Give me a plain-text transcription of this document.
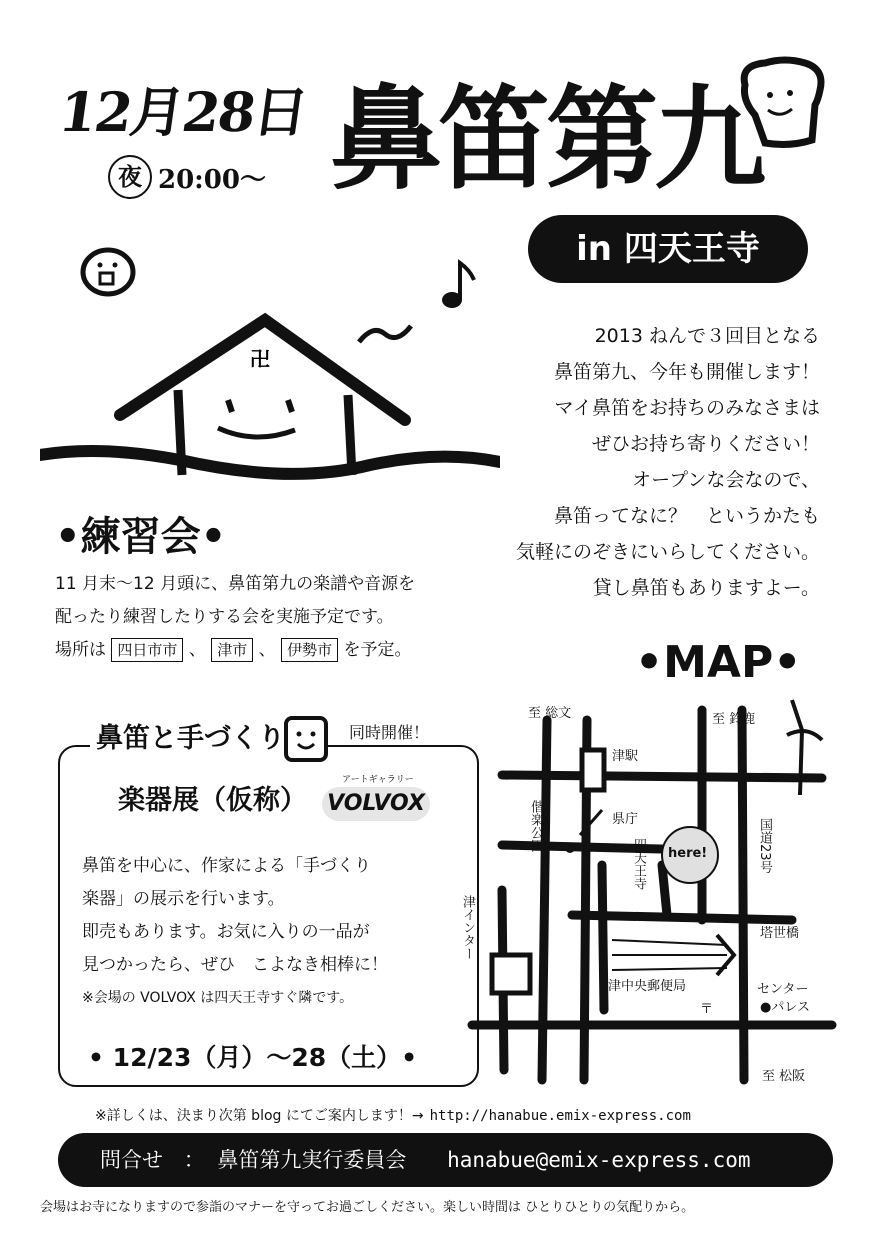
12月28日
夜 20:00〜 鼻笛第九
in 四天王寺
卍
2013 ねんで３回目となる
鼻笛第九、今年も開催します！
マイ鼻笛をお持ちのみなさまは
ぜひお持ち寄りください！
オープンな会なので、
鼻笛ってなに？　というかたも
気軽にのぞきにいらしてください。
貸し鼻笛もありますよー。
•練習会•
11 月末〜12 月頭に、鼻笛第九の楽譜や音源を
配ったり練習したりする会を実施予定です。
場所は 四日市市 、 津市 、 伊勢市 を予定。	•MAP•
至 総文	至 鈴鹿
津駅
県庁
偕楽公園
四天王寺 here!	国道23号
塔世橋
津インター
津中央郵便局
〒
センター
●パレス
至 松阪
鼻笛と手づくり
楽器展（仮称）
同時開催！
アートギャラリー
VOLVOX
鼻笛を中心に、作家による「手づくり
楽器」の展示を行います。
即売もあります。お気に入りの一品が
見つかったら、ぜひ　こよなき相棒に！
※会場の VOLVOX は四天王寺すぐ隣です。
• 12/23（月）〜28（土）•
※詳しくは、決まり次第 blog にてご案内します！→ http://hanabue.emix-express.com
問合せ ： 鼻笛第九実行委員会 hanabue@emix-express.com
会場はお寺になりますので参詣のマナーを守ってお過ごしください。楽しい時間は ひとりひとりの気配りから。
